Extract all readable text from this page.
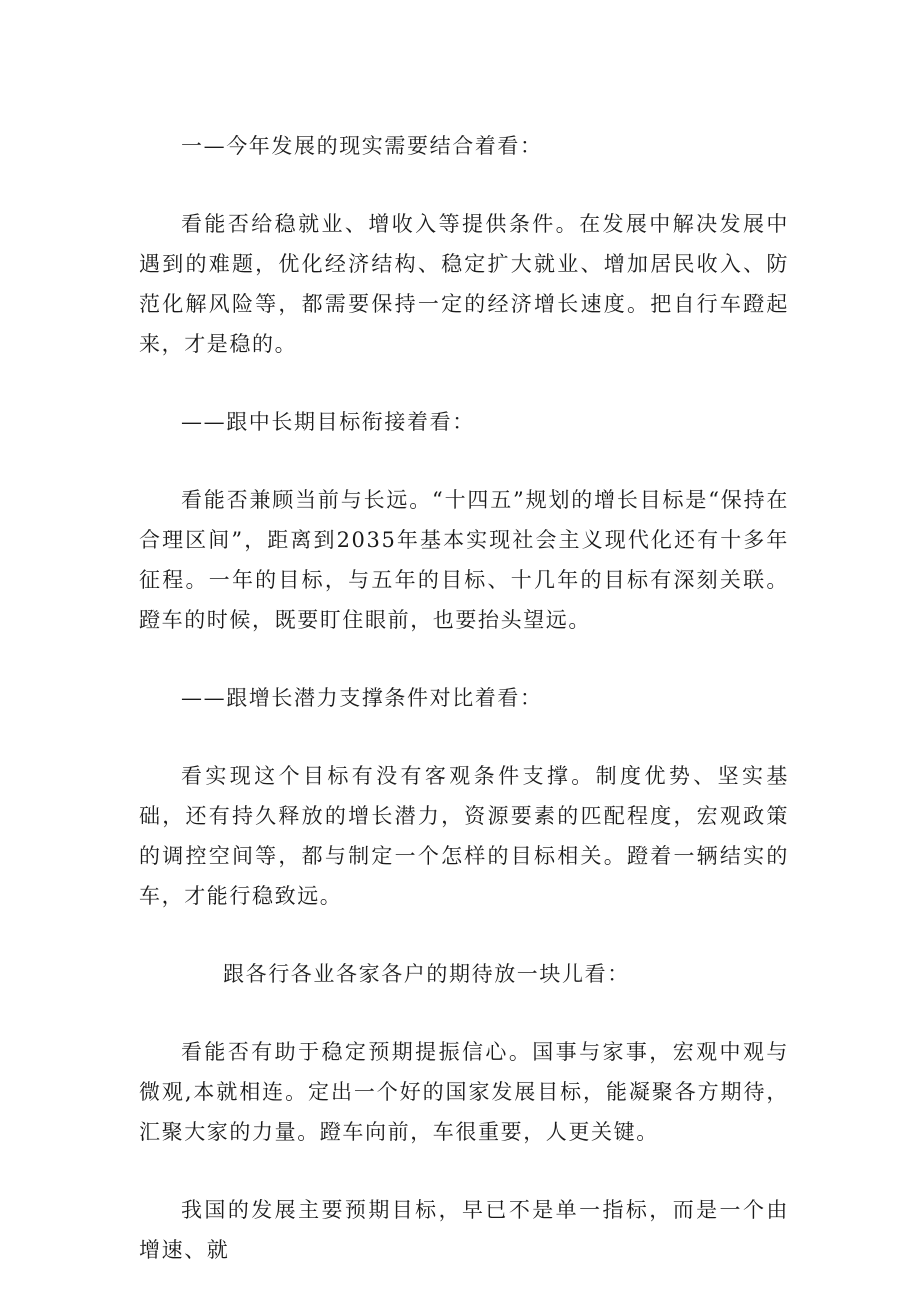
一—今年发展的现实需要结合着看：

看能否给稳就业、增收入等提供条件。在发展中解决发展中遇到的难题，优化经济结构、稳定扩大就业、增加居民收入、防范化解风险等，都需要保持一定的经济增长速度。把自行车蹬起来，才是稳的。

——跟中长期目标衔接着看：

看能否兼顾当前与长远。“十四五”规划的增长目标是“保持在合理区间”，距离到2035年基本实现社会主义现代化还有十多年征程。一年的目标，与五年的目标、十几年的目标有深刻关联。蹬车的时候，既要盯住眼前，也要抬头望远。

——跟增长潜力支撑条件对比着看：

看实现这个目标有没有客观条件支撑。制度优势、坚实基础，还有持久释放的增长潜力，资源要素的匹配程度，宏观政策的调控空间等，都与制定一个怎样的目标相关。蹬着一辆结实的车，才能行稳致远。

跟各行各业各家各户的期待放一块儿看：

看能否有助于稳定预期提振信心。国事与家事，宏观中观与微观,本就相连。定出一个好的国家发展目标，能凝聚各方期待，汇聚大家的力量。蹬车向前，车很重要，人更关键。

我国的发展主要预期目标，早已不是单一指标，而是一个由增速、就
